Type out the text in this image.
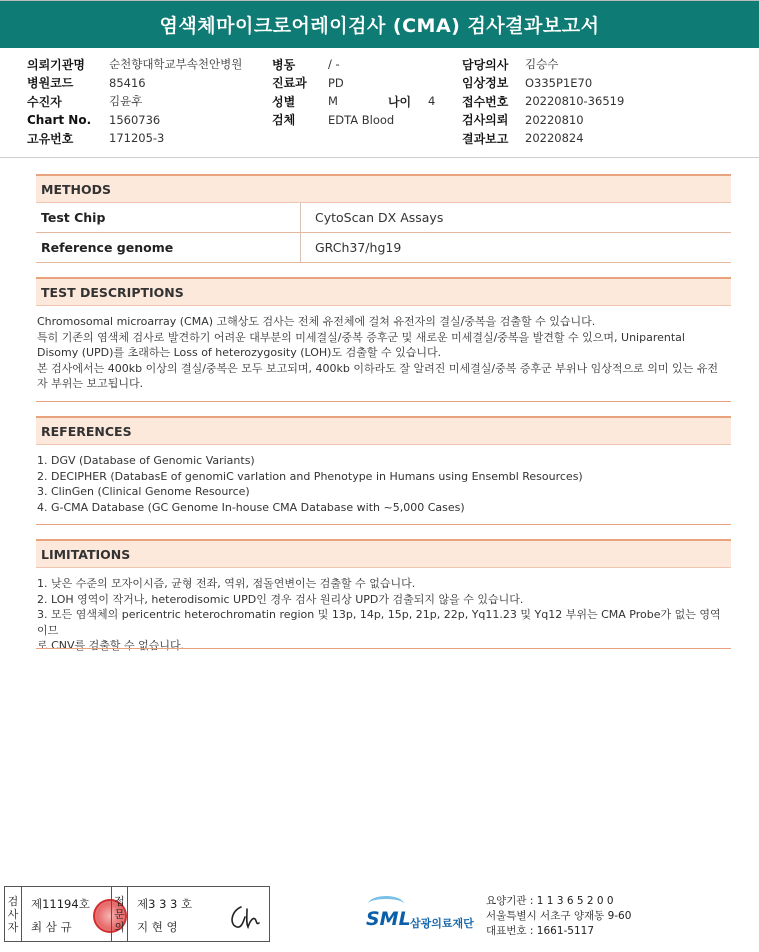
염색체마이크로어레이검사 (CMA) 검사결과보고서
의뢰기관명	순천향대학교부속천안병원
병원코드	85416
수진자	김윤후
Chart No.	1560736
고유번호	171205-3
병동	/ -
진료과	PD
성별	M	나이	4
검체	EDTA Blood
담당의사	김승수
임상정보	O335P1E70
접수번호	20220810-36519
검사의뢰	20220810
결과보고	20220824
METHODS
Test Chip	CytoScan DX Assays
Reference genome	GRCh37/hg19
TEST DESCRIPTIONS
Chromosomal microarray (CMA) 고해상도 검사는 전체 유전체에 걸쳐 유전자의 결실/중복을 검출할 수 있습니다.
특히 기존의 염색체 검사로 발견하기 어려운 대부분의 미세결실/중복 증후군 및 새로운 미세결실/중복을 발견할 수 있으며, Uniparental
Disomy (UPD)를 초래하는 Loss of heterozygosity (LOH)도 검출할 수 있습니다.
본 검사에서는 400kb 이상의 결실/중복은 모두 보고되며, 400kb 이하라도 잘 알려진 미세결실/중복 증후군 부위나 임상적으로 의미 있는 유전
자 부위는 보고됩니다.
REFERENCES
1. DGV (Database of Genomic Variants)
2. DECIPHER (DatabasE of genomiC varIation and Phenotype in Humans using Ensembl Resources)
3. ClinGen (Clinical Genome Resource)
4. G-CMA Database (GC Genome In-house CMA Database with ~5,000 Cases)
LIMITATIONS
1. 낮은 수준의 모자이시즘, 균형 전좌, 역위, 점돌연변이는 검출할 수 없습니다.
2. LOH 영역이 작거나, heterodisomic UPD인 경우 검사 원리상 UPD가 검출되지 않을 수 있습니다.
3. 모든 염색체의 pericentric heterochromatin region 및 13p, 14p, 15p, 21p, 22p, Yq11.23 및 Yq12 부위는 CMA Probe가 없는 영역이므
로 CNV를 검출할 수 없습니다.
검
사
자
제11194호
최 삼 규
접
문
의
제3 3 3 호
지 현 영	SML 삼광의료재단
요양기관 : 1 1 3 6 5 2 0 0
서울특별시 서초구 양재동 9-60
대표번호 : 1661-5117
